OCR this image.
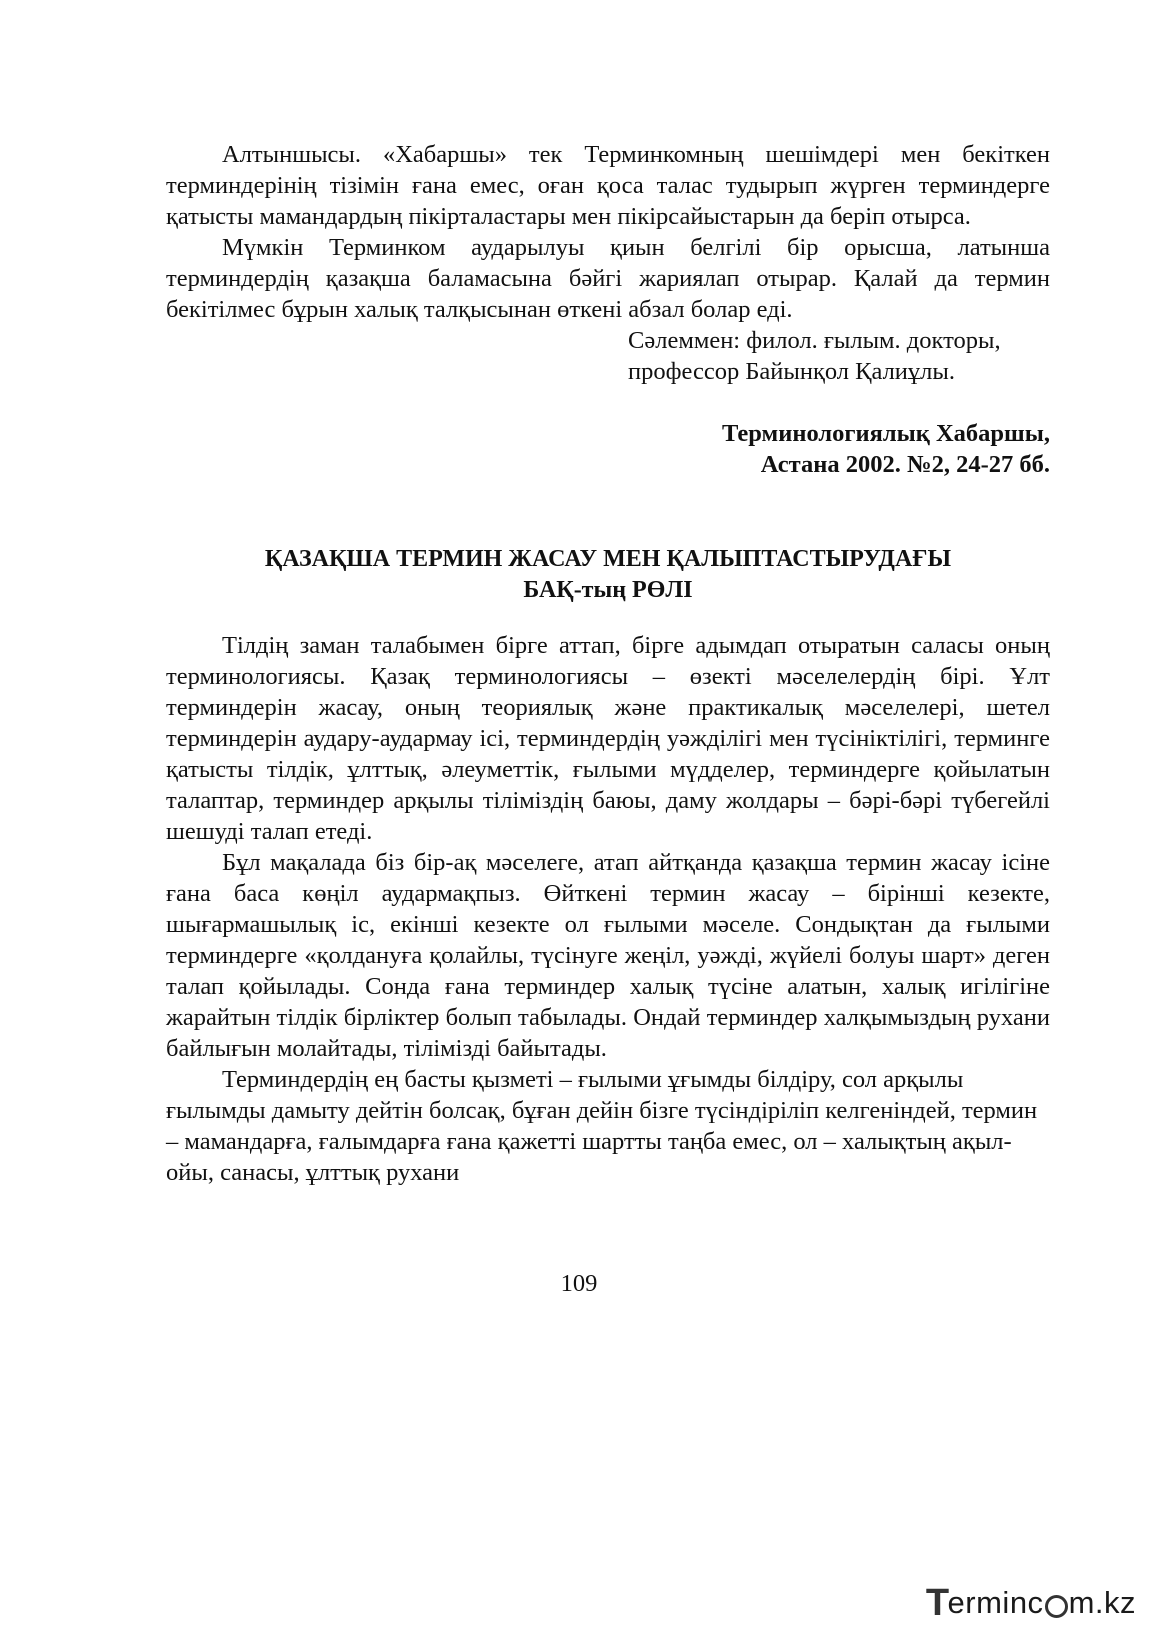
Алтыншысы. «Хабаршы» тек Терминкомның шешімдері мен бекіткен терминдерінің тізімін ғана емес, оған қоса талас тудырып жүрген терминдерге қатысты мамандардың пікірталастары мен пікірсайыстарын да беріп отырса.

Мүмкін Терминком аударылуы қиын белгілі бір орысша, латынша терминдердің қазақша баламасына бәйгі жариялап отырар. Қалай да термин бекітілмес бұрын халық талқысынан өткені абзал болар еді.

Сәлеммен: филол. ғылым. докторы,
профессор Байынқол Қалиұлы.
Терминологиялық Хабаршы,
Астана 2002. №2, 24-27 бб.
ҚАЗАҚША ТЕРМИН ЖАСАУ МЕН ҚАЛЫПТАСТЫРУДАҒЫ
БАҚ-тың РӨЛІ

Тілдің заман талабымен бірге аттап, бірге адымдап отыратын саласы оның терминологиясы. Қазақ терминологиясы – өзекті мәселелердің бірі. Ұлт терминдерін жасау, оның теориялық және практикалық мәселелері, шетел терминдерін аудару-аудармау ісі, терминдердің уәжділігі мен түсініктілігі, терминге қатысты тілдік, ұлттық, әлеуметтік, ғылыми мүдделер, терминдерге қойылатын талаптар, терминдер арқылы тіліміздің баюы, даму жолдары – бәрі-бәрі түбегейлі шешуді талап етеді.

Бұл мақалада біз бір-ақ мәселеге, атап айтқанда қазақша термин жасау ісіне ғана баса көңіл аудармақпыз. Өйткені термин жасау – бірінші кезекте, шығармашылық іс, екінші кезекте ол ғылыми мәселе. Сондықтан да ғылыми терминдерге «қолдануға қолайлы, түсінуге жеңіл, уәжді, жүйелі болуы шарт» деген талап қойылады. Сонда ғана терминдер халық түсіне алатын, халық игілігіне жарайтын тілдік бірліктер болып табылады. Ондай терминдер халқымыздың рухани байлығын молайтады, тілімізді байытады.

Терминдердің ең басты қызметі – ғылыми ұғымды білдіру, сол арқылы ғылымды дамыту дейтін болсақ, бұған дейін бізге түсіндіріліп келгеніндей, термин – мамандарға, ғалымдарға ғана қажетті шартты таңба емес, ол – халықтың ақыл-ойы, санасы, ұлттық рухани

109
T
erminc m.kz
